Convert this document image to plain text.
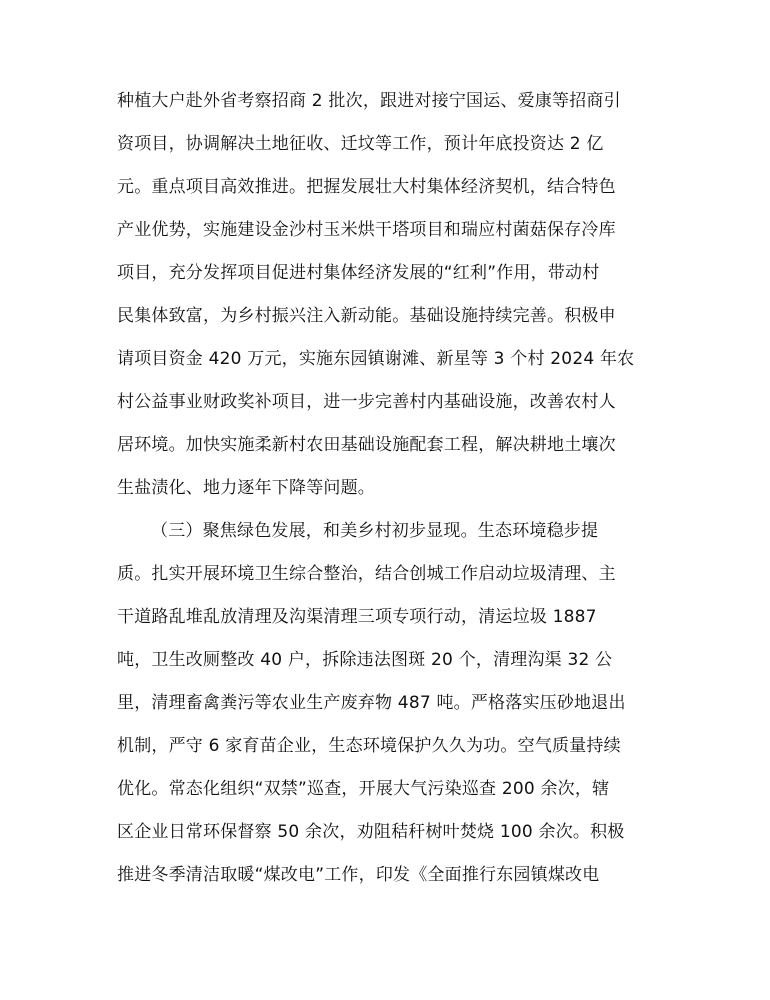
种植大户赴外省考察招商 2 批次，跟进对接宁国运、爱康等招商引
资项目，协调解决土地征收、迁坟等工作，预计年底投资达 2 亿
元。重点项目高效推进。把握发展壮大村集体经济契机，结合特色
产业优势，实施建设金沙村玉米烘干塔项目和瑞应村菌菇保存冷库
项目，充分发挥项目促进村集体经济发展的“红利”作用，带动村
民集体致富，为乡村振兴注入新动能。基础设施持续完善。积极申
请项目资金 420 万元，实施东园镇谢滩、新星等 3 个村 2024 年农
村公益事业财政奖补项目，进一步完善村内基础设施，改善农村人
居环境。加快实施柔新村农田基础设施配套工程，解决耕地土壤次
生盐渍化、地力逐年下降等问题。
（三）聚焦绿色发展，和美乡村初步显现。生态环境稳步提
质。扎实开展环境卫生综合整治，结合创城工作启动垃圾清理、主
干道路乱堆乱放清理及沟渠清理三项专项行动，清运垃圾 1887
吨，卫生改厕整改 40 户，拆除违法图斑 20 个，清理沟渠 32 公
里，清理畜禽粪污等农业生产废弃物 487 吨。严格落实压砂地退出
机制，严守 6 家育苗企业，生态环境保护久久为功。空气质量持续
优化。常态化组织“双禁”巡查，开展大气污染巡查 200 余次，辖
区企业日常环保督察 50 余次，劝阻秸秆树叶焚烧 100 余次。积极
推进冬季清洁取暖“煤改电”工作，印发《全面推行东园镇煤改电
